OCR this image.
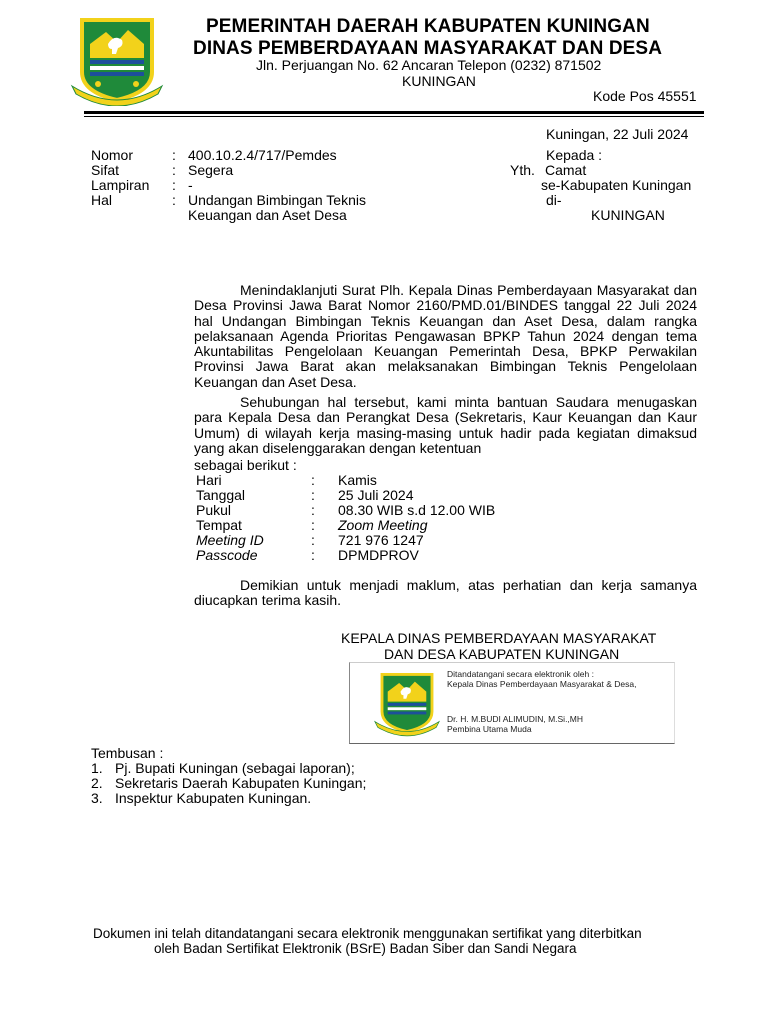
PEMERINTAH DAERAH KABUPATEN KUNINGAN
DINAS PEMBERDAYAAN MASYARAKAT DAN DESA
Jln. Perjuangan No. 62 Ancaran Telepon (0232) 871502
KUNINGAN
Kode Pos 45551
Kuningan, 22 Juli 2024
Nomor	: 400.10.2.4/717/Pemdes
Sifat	: Segera
Lampiran : -
Hal	: Undangan Bimbingan Teknis
Keuangan dan Aset Desa
Kepada :
Yth. Camat
se-Kabupaten Kuningan
di-
KUNINGAN
Menindaklanjuti Surat Plh. Kepala Dinas Pemberdayaan Masyarakat dan Desa Provinsi Jawa Barat Nomor 2160/PMD.01/BINDES tanggal 22 Juli 2024 hal Undangan Bimbingan Teknis Keuangan dan Aset Desa, dalam rangka pelaksanaan Agenda Prioritas Pengawasan BPKP Tahun 2024 dengan tema Akuntabilitas Pengelolaan Keuangan Pemerintah Desa, BPKP Perwakilan Provinsi Jawa Barat akan melaksanakan Bimbingan Teknis Pengelolaan Keuangan dan Aset Desa.
Sehubungan hal tersebut, kami minta bantuan Saudara menugaskan para Kepala Desa dan Perangkat Desa (Sekretaris, Kaur Keuangan dan Kaur Umum) di wilayah kerja masing-masing untuk hadir pada kegiatan dimaksud yang akan diselenggarakan dengan ketentuan
sebagai berikut :
Hari	: Kamis
Tanggal	: 25 Juli 2024
Pukul	: 08.30 WIB s.d 12.00 WIB
Tempat	: Zoom Meeting
Meeting ID	: 721 976 1247
Passcode	: DPMDPROV
Demikian untuk menjadi maklum, atas perhatian dan kerja samanya diucapkan terima kasih.
KEPALA DINAS PEMBERDAYAAN MASYARAKAT
DAN DESA KABUPATEN KUNINGAN
Ditandatangani secara elektronik oleh :
Kepala Dinas Pemberdayaan Masyarakat & Desa,
Dr. H. M.BUDI ALIMUDIN, M.Si.,MH
Pembina Utama Muda
Tembusan :
1. Pj. Bupati Kuningan (sebagai laporan);
2. Sekretaris Daerah Kabupaten Kuningan;
3. Inspektur Kabupaten Kuningan.
Dokumen ini telah ditandatangani secara elektronik menggunakan sertifikat yang diterbitkan
oleh Badan Sertifikat Elektronik (BSrE) Badan Siber dan Sandi Negara
